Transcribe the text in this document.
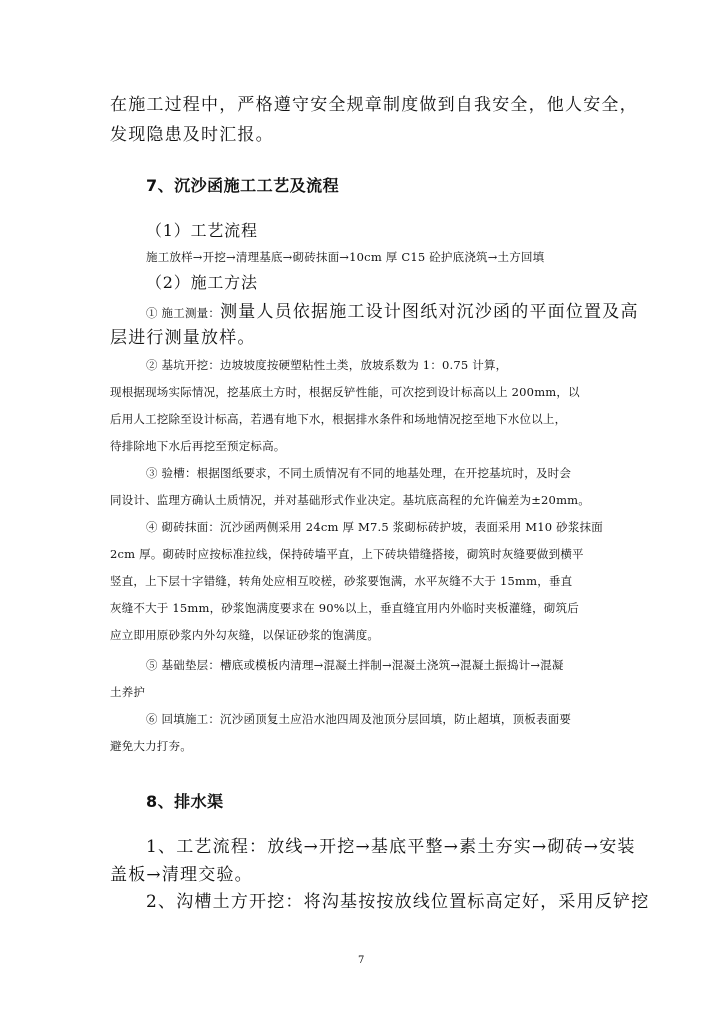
在施工过程中，严格遵守安全规章制度做到自我安全，他人安全，
发现隐患及时汇报。
7、沉沙函施工工艺及流程
（1）工艺流程
施工放样→开挖→清理基底→砌砖抹面→10cm 厚 C15 砼护底浇筑→土方回填
（2）施工方法
① 施工测量：测量人员依据施工设计图纸对沉沙函的平面位置及高
层进行测量放样。
② 基坑开挖：边坡坡度按硬塑粘性土类，放坡系数为 1：0.75 计算，
现根据现场实际情况，挖基底土方时，根据反铲性能，可次挖到设计标高以上 200mm，以
后用人工挖除至设计标高，若遇有地下水，根据排水条件和场地情况挖至地下水位以上，
待排除地下水后再挖至预定标高。
③ 验槽：根据图纸要求，不同土质情况有不同的地基处理，在开挖基坑时，及时会
同设计、监理方确认土质情况，并对基础形式作业决定。基坑底高程的允许偏差为±20mm。
④ 砌砖抹面：沉沙函两侧采用 24cm 厚 M7.5 浆砌标砖护坡，表面采用 M10 砂浆抹面
2cm 厚。砌砖时应按标准拉线，保持砖墙平直，上下砖块错缝搭接，砌筑时灰缝要做到横平
竖直，上下层十字错缝，转角处应相互咬槎，砂浆要饱满，水平灰缝不大于 15mm，垂直
灰缝不大于 15mm，砂浆饱满度要求在 90%以上，垂直缝宜用内外临时夹板灌缝，砌筑后
应立即用原砂浆内外勾灰缝，以保证砂浆的饱满度。
⑤ 基础垫层：槽底或模板内清理→混凝土拌制→混凝土浇筑→混凝土振捣计→混凝
土养护
⑥ 回填施工：沉沙函顶复土应沿水池四周及池顶分层回填，防止超填，顶板表面要
避免大力打夯。
8、排水渠
1、工艺流程：放线→开挖→基底平整→素土夯实→砌砖→安装
盖板→清理交验。
2、沟槽土方开挖：将沟基按按放线位置标高定好，采用反铲挖
7
